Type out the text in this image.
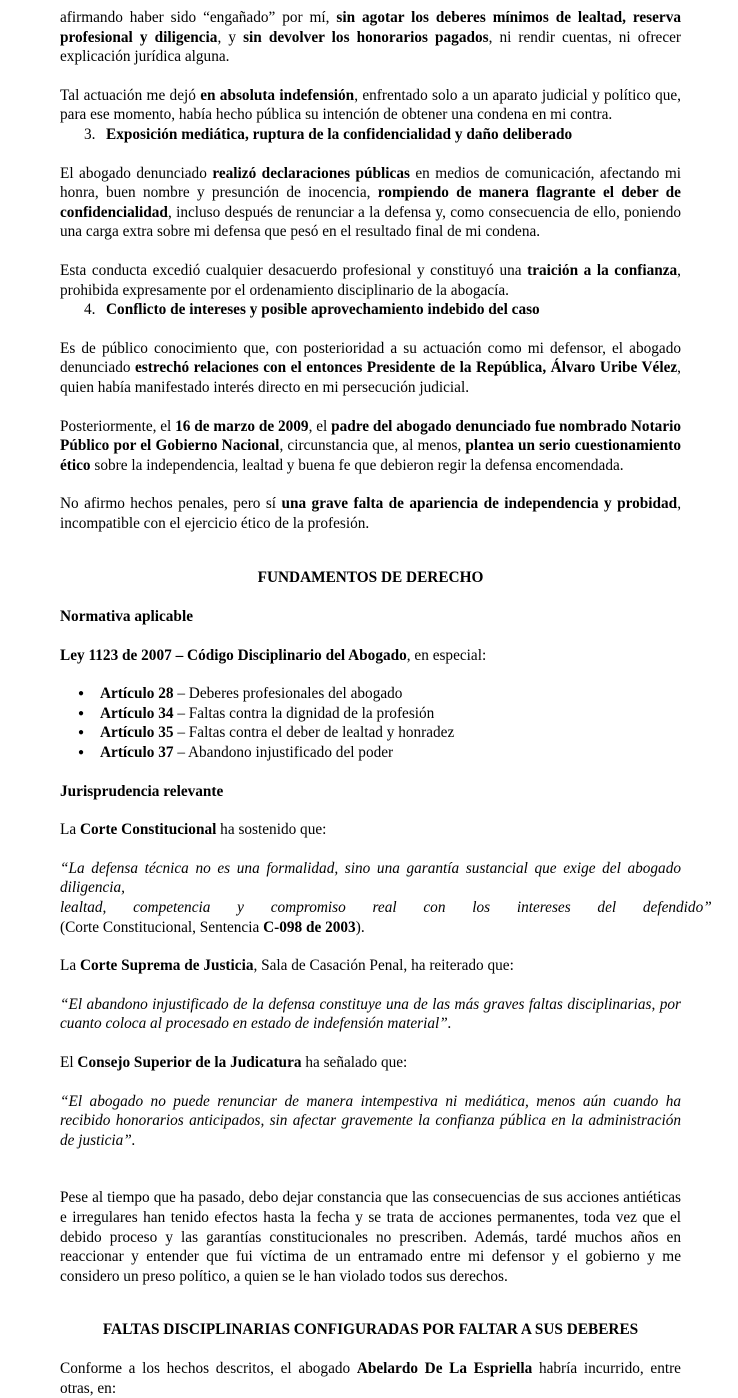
afirmando haber sido “engañado” por mí, sin agotar los deberes mínimos de lealtad, reserva profesional y diligencia, y sin devolver los honorarios pagados, ni rendir cuentas, ni ofrecer explicación jurídica alguna.

Tal actuación me dejó en absoluta indefensión, enfrentado solo a un aparato judicial y político que, para ese momento, había hecho pública su intención de obtener una condena en mi contra.

3. Exposición mediática, ruptura de la confidencialidad y daño deliberado

El abogado denunciado realizó declaraciones públicas en medios de comunicación, afectando mi honra, buen nombre y presunción de inocencia, rompiendo de manera flagrante el deber de confidencialidad, incluso después de renunciar a la defensa y, como consecuencia de ello, poniendo una carga extra sobre mi defensa que pesó en el resultado final de mi condena.

Esta conducta excedió cualquier desacuerdo profesional y constituyó una traición a la confianza, prohibida expresamente por el ordenamiento disciplinario de la abogacía.

4. Conflicto de intereses y posible aprovechamiento indebido del caso

Es de público conocimiento que, con posterioridad a su actuación como mi defensor, el abogado denunciado estrechó relaciones con el entonces Presidente de la República, Álvaro Uribe Vélez, quien había manifestado interés directo en mi persecución judicial.

Posteriormente, el 16 de marzo de 2009, el padre del abogado denunciado fue nombrado Notario Público por el Gobierno Nacional, circunstancia que, al menos, plantea un serio cuestionamiento ético sobre la independencia, lealtad y buena fe que debieron regir la defensa encomendada.

No afirmo hechos penales, pero sí una grave falta de apariencia de independencia y probidad, incompatible con el ejercicio ético de la profesión.

FUNDAMENTOS DE DERECHO

Normativa aplicable

Ley 1123 de 2007 – Código Disciplinario del Abogado, en especial:

● Artículo 28 – Deberes profesionales del abogado
● Artículo 34 – Faltas contra la dignidad de la profesión
● Artículo 35 – Faltas contra el deber de lealtad y honradez
● Artículo 37 – Abandono injustificado del poder

Jurisprudencia relevante

La Corte Constitucional ha sostenido que:

“La defensa técnica no es una formalidad, sino una garantía sustancial que exige del abogado diligencia,

lealtad,       competencia       y       compromiso       real       con       los       intereses       del       defendido”

(Corte Constitucional, Sentencia C-098 de 2003).

La Corte Suprema de Justicia, Sala de Casación Penal, ha reiterado que:

“El abandono injustificado de la defensa constituye una de las más graves faltas disciplinarias, por cuanto coloca al procesado en estado de indefensión material”.

El Consejo Superior de la Judicatura ha señalado que:

“El abogado no puede renunciar de manera intempestiva ni mediática, menos aún cuando ha recibido honorarios anticipados, sin afectar gravemente la confianza pública en la administración de justicia”.

Pese al tiempo que ha pasado, debo dejar constancia que las consecuencias de sus acciones antiéticas e irregulares han tenido efectos hasta la fecha y se trata de acciones permanentes, toda vez que el debido proceso y las garantías constitucionales no prescriben. Además, tardé muchos años en reaccionar y entender que fui víctima de un entramado entre mi defensor y el gobierno y me considero un preso político, a quien se le han violado todos sus derechos.

FALTAS DISCIPLINARIAS CONFIGURADAS POR FALTAR A SUS DEBERES

Conforme a los hechos descritos, el abogado Abelardo De La Espriella habría incurrido, entre otras, en:
